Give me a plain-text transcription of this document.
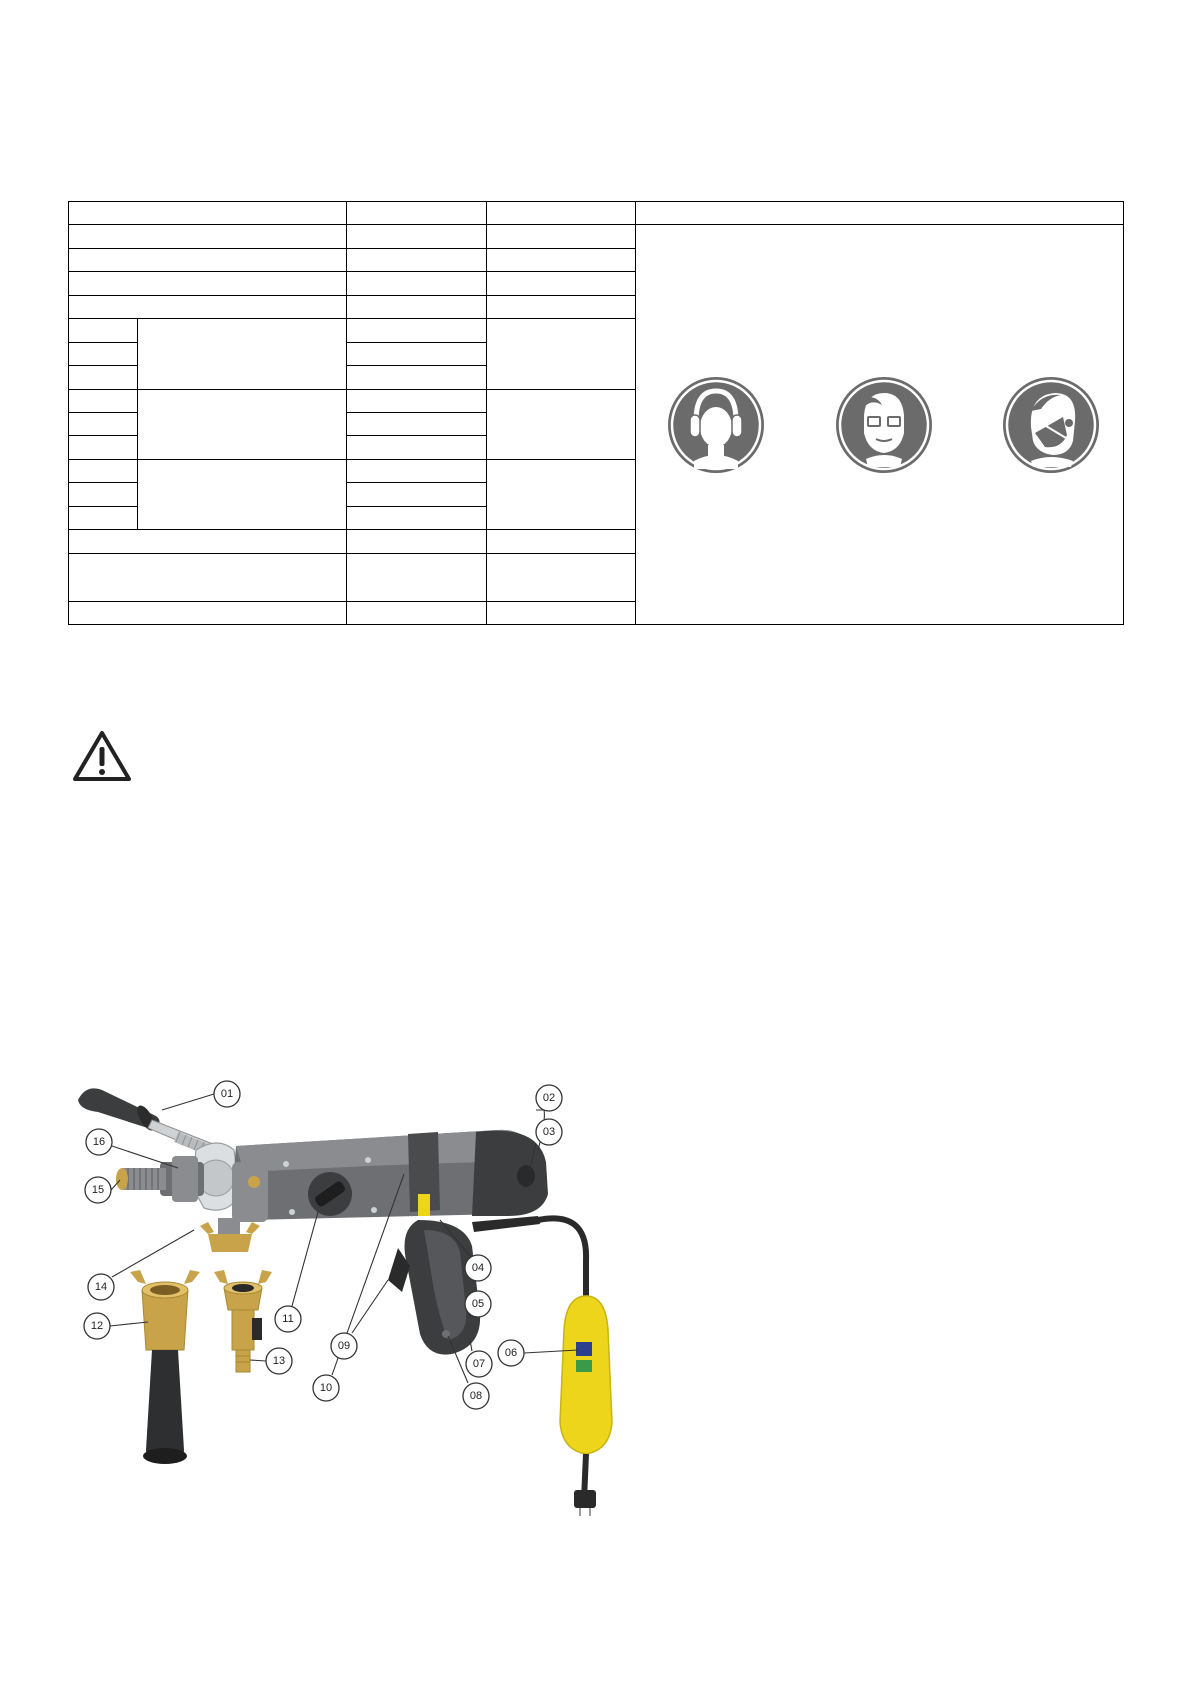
01	02
03
04
05
06
07
08
09
10
11
12
13
14
15
16
